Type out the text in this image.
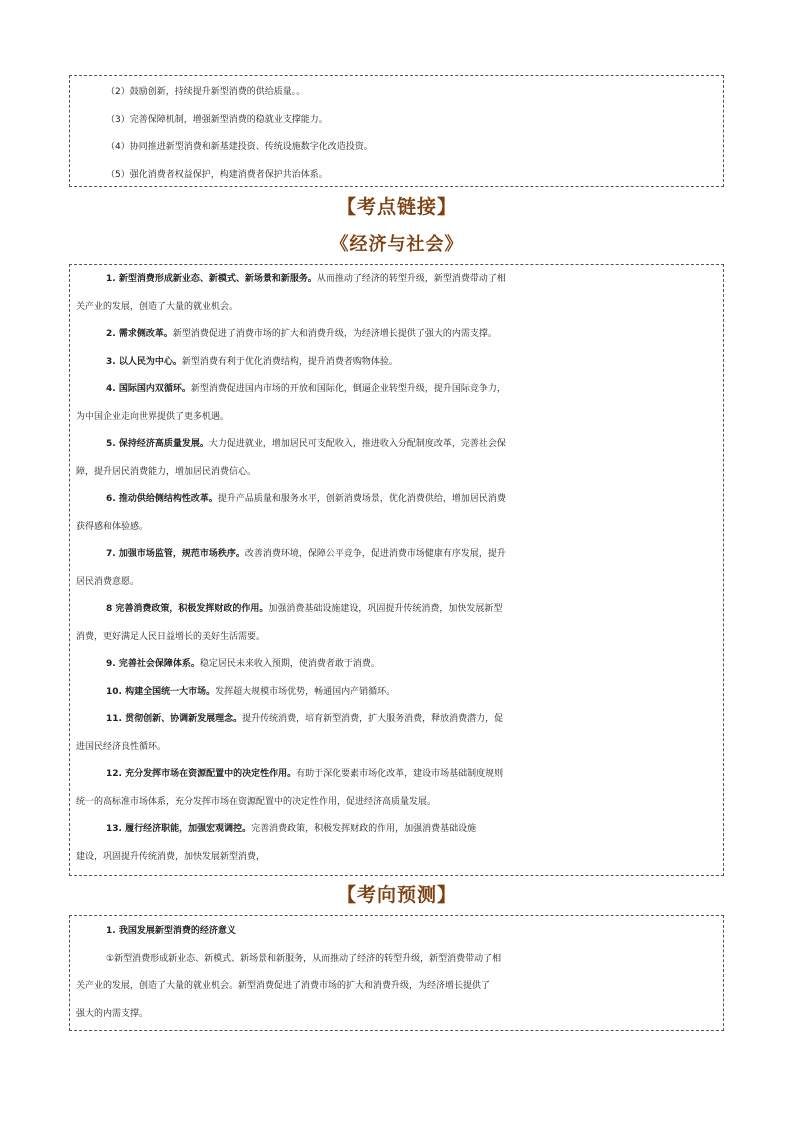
（2）鼓励创新，持续提升新型消费的供给质量。。
（3）完善保障机制，增强新型消费的稳就业支撑能力。
（4）协同推进新型消费和新基建投资、传统设施数字化改造投资。
（5）强化消费者权益保护，构建消费者保护共治体系。
【考点链接】
《经济与社会》
1. 新型消费形成新业态、新模式、新场景和新服务。从而推动了经济的转型升级，新型消费带动了相
关产业的发展，创造了大量的就业机会。
2. 需求侧改革。新型消费促进了消费市场的扩大和消费升级，为经济增长提供了强大的内需支撑。
3. 以人民为中心。新型消费有利于优化消费结构，提升消费者购物体验。
4. 国际国内双循环。新型消费促进国内市场的开放和国际化，倒逼企业转型升级，提升国际竞争力，
为中国企业走向世界提供了更多机遇。
5. 保持经济高质量发展。大力促进就业，增加居民可支配收入，推进收入分配制度改革，完善社会保
障，提升居民消费能力，增加居民消费信心。
6. 推动供给侧结构性改革。提升产品质量和服务水平，创新消费场景，优化消费供给，增加居民消费
获得感和体验感。
7. 加强市场监管，规范市场秩序。改善消费环境，保障公平竞争，促进消费市场健康有序发展，提升
居民消费意愿。
8 完善消费政策，积极发挥财政的作用。加强消费基础设施建设，巩固提升传统消费，加快发展新型
消费，更好满足人民日益增长的美好生活需要。
9. 完善社会保障体系。稳定居民未来收入预期，使消费者敢于消费。
10. 构建全国统一大市场。发挥超大规模市场优势，畅通国内产销循环。
11. 贯彻创新、协调新发展理念。提升传统消费，培育新型消费，扩大服务消费，释放消费潜力，促
进国民经济良性循环。
12. 充分发挥市场在资源配置中的决定性作用。有助于深化要素市场化改革，建设市场基础制度规则
统一的高标准市场体系，充分发挥市场在资源配置中的决定性作用，促进经济高质量发展。
13. 履行经济职能，加强宏观调控。完善消费政策，积极发挥财政的作用，加强消费基础设施
建设，巩固提升传统消费，加快发展新型消费，
【考向预测】
1. 我国发展新型消费的经济意义
①新型消费形成新业态、新模式、新场景和新服务，从而推动了经济的转型升级，新型消费带动了相
关产业的发展，创造了大量的就业机会。新型消费促进了消费市场的扩大和消费升级，为经济增长提供了
强大的内需支撑。
